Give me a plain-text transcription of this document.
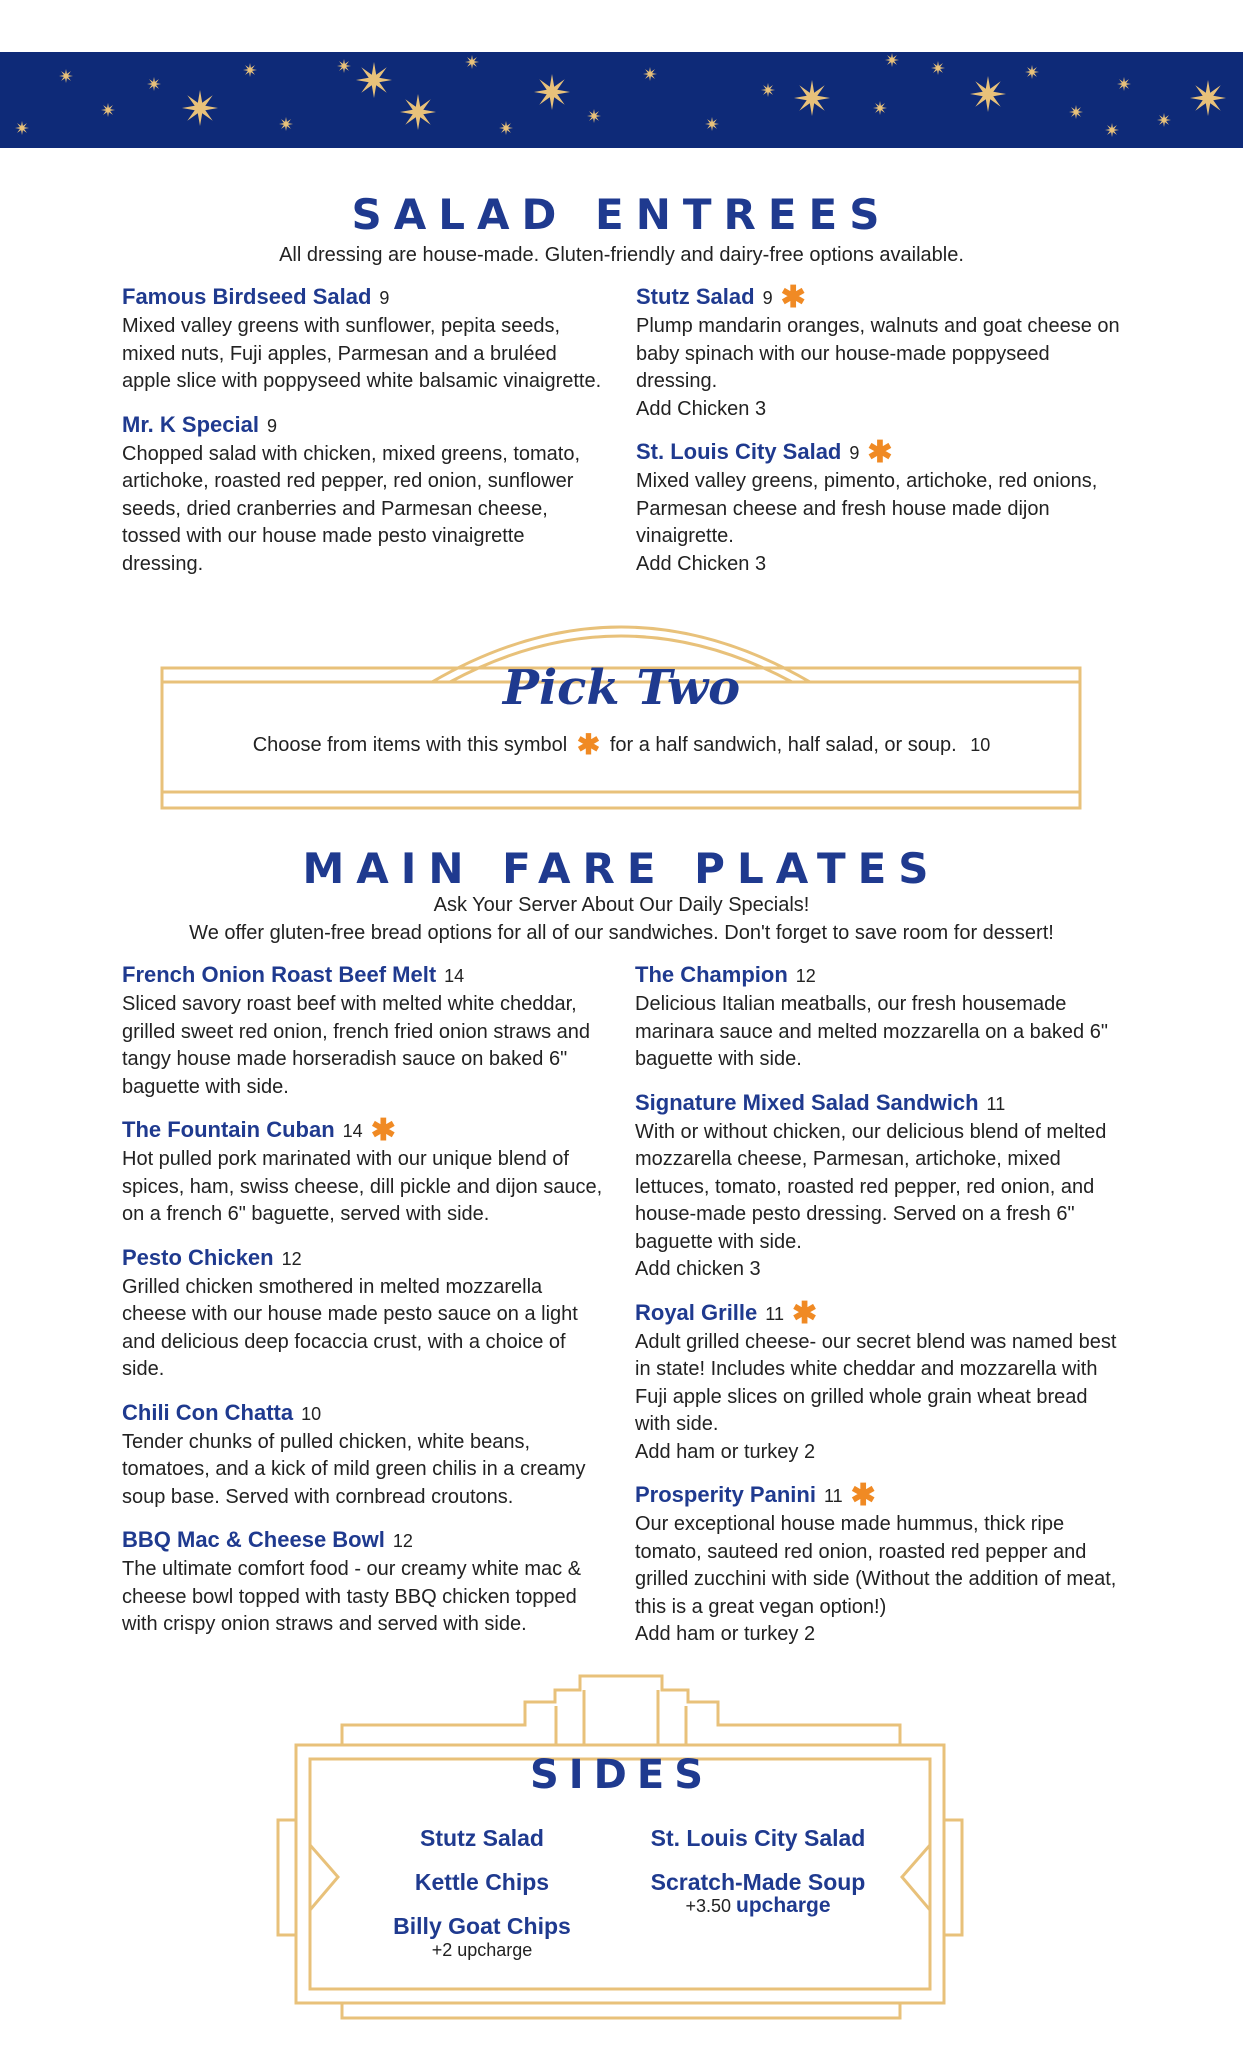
SALAD ENTREES

All dressing are house-made. Gluten-friendly and dairy-free options available.

Famous Birdseed Salad 9

Mixed valley greens with sunflower, pepita seeds, mixed nuts, Fuji apples, Parmesan and a bruléed apple slice with poppyseed white balsamic vinaigrette.

Mr. K Special 9

Chopped salad with chicken, mixed greens, tomato, artichoke, roasted red pepper, red onion, sunflower seeds, dried cranberries and Parmesan cheese, tossed with our house made pesto vinaigrette dressing.

Stutz Salad 9 ✱

Plump mandarin oranges, walnuts and goat cheese on baby spinach with our house-made poppyseed dressing.

Add Chicken 3

St. Louis City Salad 9 ✱

Mixed valley greens, pimento, artichoke, red onions, Parmesan cheese and fresh house made dijon vinaigrette.

Add Chicken 3

Pick Two

Choose from items with this symbol ✱ for a half sandwich, half salad, or soup. 10

MAIN FARE PLATES

Ask Your Server About Our Daily Specials!

We offer gluten-free bread options for all of our sandwiches. Don't forget to save room for dessert!

French Onion Roast Beef Melt 14

Sliced savory roast beef with melted white cheddar, grilled sweet red onion, french fried onion straws and tangy house made horseradish sauce on baked 6" baguette with side.

The Fountain Cuban 14 ✱

Hot pulled pork marinated with our unique blend of spices, ham, swiss cheese, dill pickle and dijon sauce, on a french 6" baguette, served with side.

Pesto Chicken 12

Grilled chicken smothered in melted mozzarella cheese with our house made pesto sauce on a light and delicious deep focaccia crust, with a choice of side.

Chili Con Chatta 10

Tender chunks of pulled chicken, white beans, tomatoes, and a kick of mild green chilis in a creamy soup base. Served with cornbread croutons.

BBQ Mac & Cheese Bowl 12

The ultimate comfort food - our creamy white mac & cheese bowl topped with tasty BBQ chicken topped with crispy onion straws and served with side.

The Champion 12

Delicious Italian meatballs, our fresh housemade marinara sauce and melted mozzarella on a baked 6" baguette with side.

Signature Mixed Salad Sandwich 11

With or without chicken, our delicious blend of melted mozzarella cheese, Parmesan, artichoke, mixed lettuces, tomato, roasted red pepper, red onion, and house-made pesto dressing. Served on a fresh 6" baguette with side.

Add chicken 3

Royal Grille 11 ✱

Adult grilled cheese- our secret blend was named best in state! Includes white cheddar and mozzarella with Fuji apple slices on grilled whole grain wheat bread with side.

Add ham or turkey 2

Prosperity Panini 11 ✱

Our exceptional house made hummus, thick ripe tomato, sauteed red onion, roasted red pepper and grilled zucchini with side (Without the addition of meat, this is a great vegan option!)

Add ham or turkey 2

SIDES
Stutz Salad
Kettle Chips
Billy Goat Chips
+2 upcharge
St. Louis City Salad
Scratch-Made Soup
+3.50 upcharge
